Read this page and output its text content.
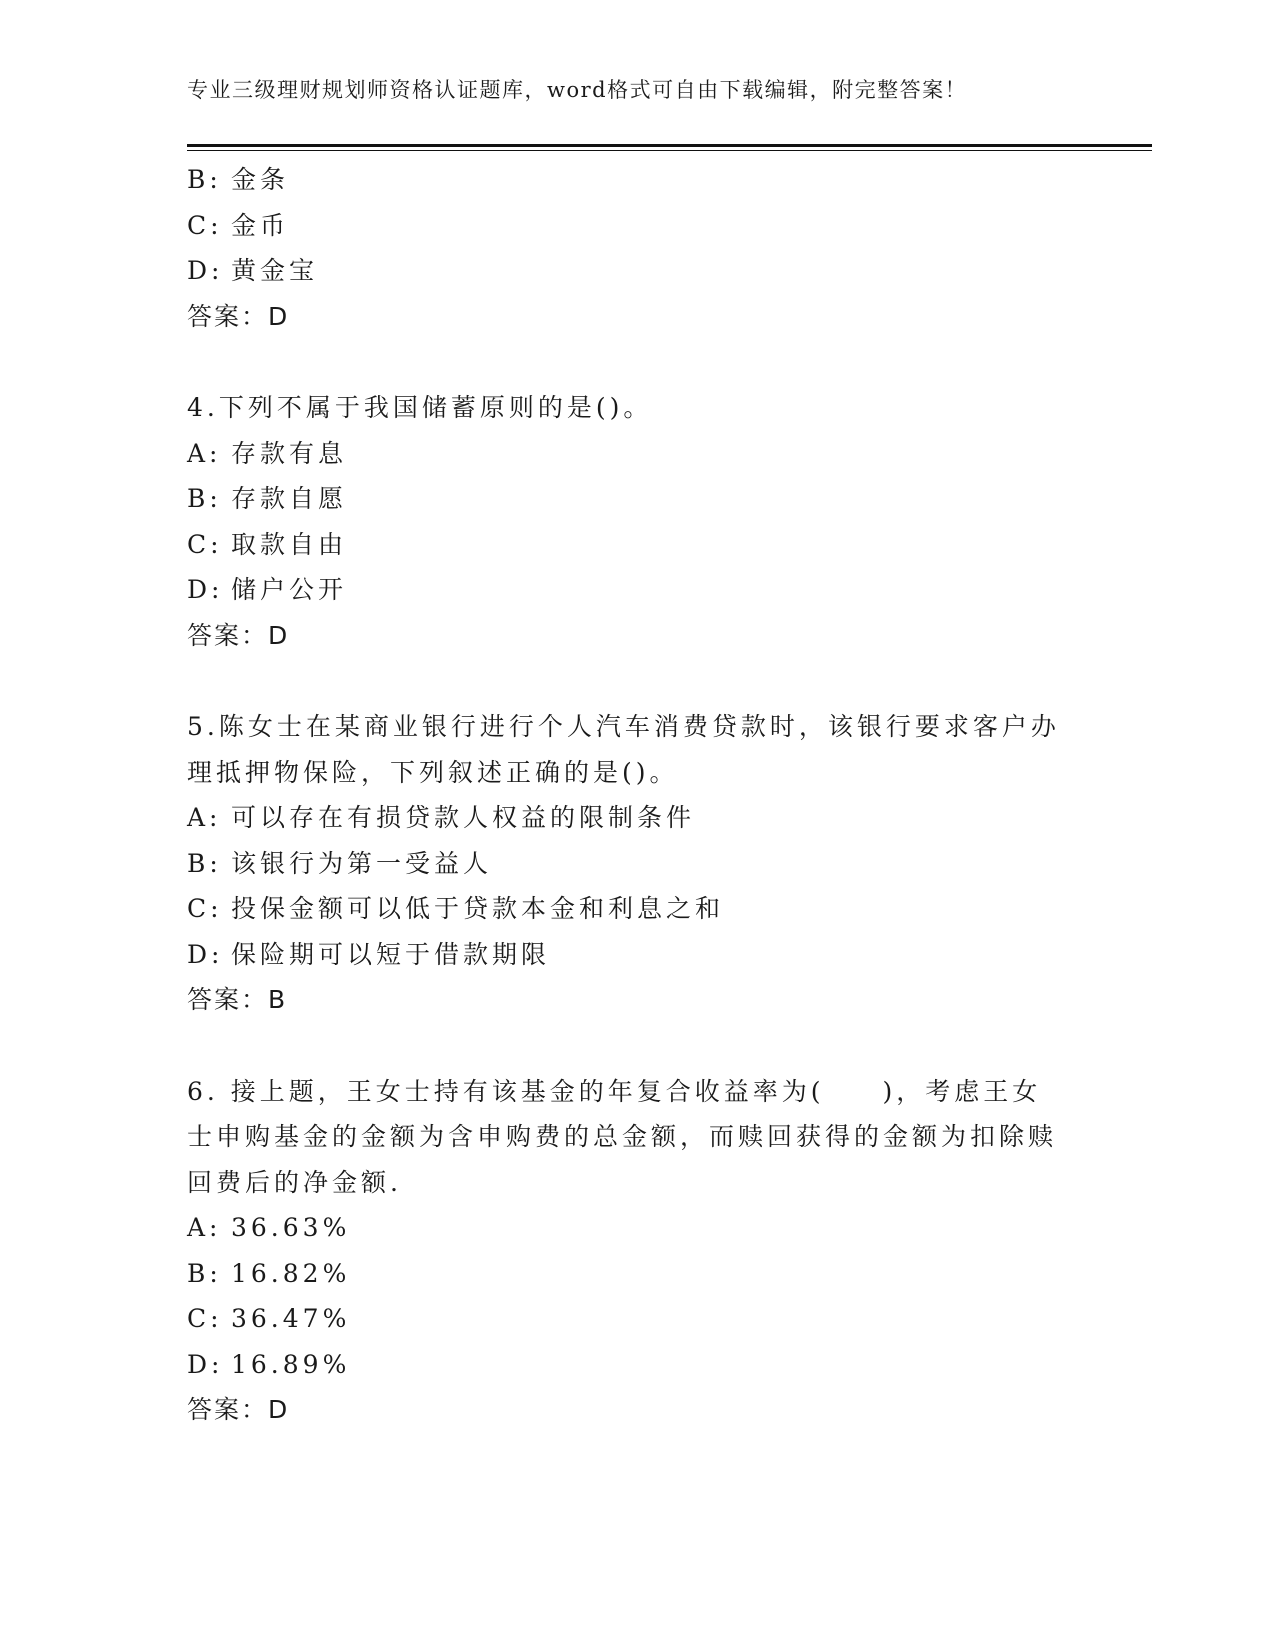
专业三级理财规划师资格认证题库，word格式可自由下载编辑，附完整答案！
B: 金条
C: 金币
D: 黄金宝
答案：D

4.下列不属于我国储蓄原则的是()。

A: 存款有息
B: 存款自愿
C: 取款自由
D: 储户公开
答案：D

5.陈女士在某商业银行进行个人汽车消费贷款时，该银行要求客户办理抵押物保险，下列叙述正确的是()。

A: 可以存在有损贷款人权益的限制条件
B: 该银行为第一受益人
C: 投保金额可以低于贷款本金和利息之和
D: 保险期可以短于借款期限
答案：B

6. 接上题，王女士持有该基金的年复合收益率为(　　)，考虑王女士申购基金的金额为含申购费的总金额，而赎回获得的金额为扣除赎回费后的净金额.

A: 36.63%
B: 16.82%
C: 36.47%
D: 16.89%
答案：D
